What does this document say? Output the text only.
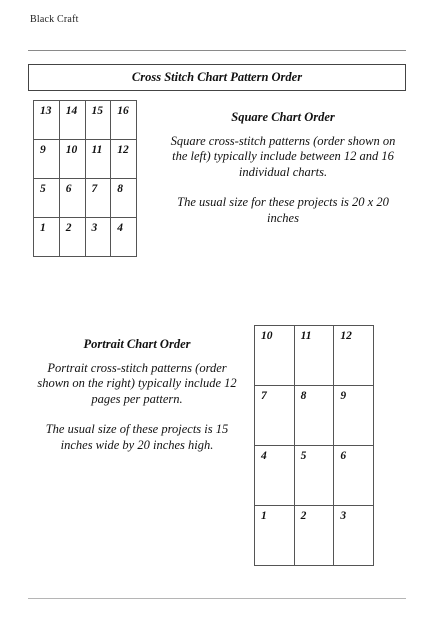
Black Craft
Cross Stitch Chart Pattern Order
13	14	15	16

9	10	11	12

5	6	7	8

1	2	3	4
Square Chart Order

Square cross-stitch patterns (order shown on the left) typically include between 12 and 16 individual charts.

The usual size for these projects is 20 x 20 inches

Portrait Chart Order

Portrait cross-stitch patterns (order shown on the right) typically include 12 pages per pattern.

The usual size of these projects is 15 inches wide by 20 inches high.

10	11	12

7	8	9

4	5	6

1	2	3
